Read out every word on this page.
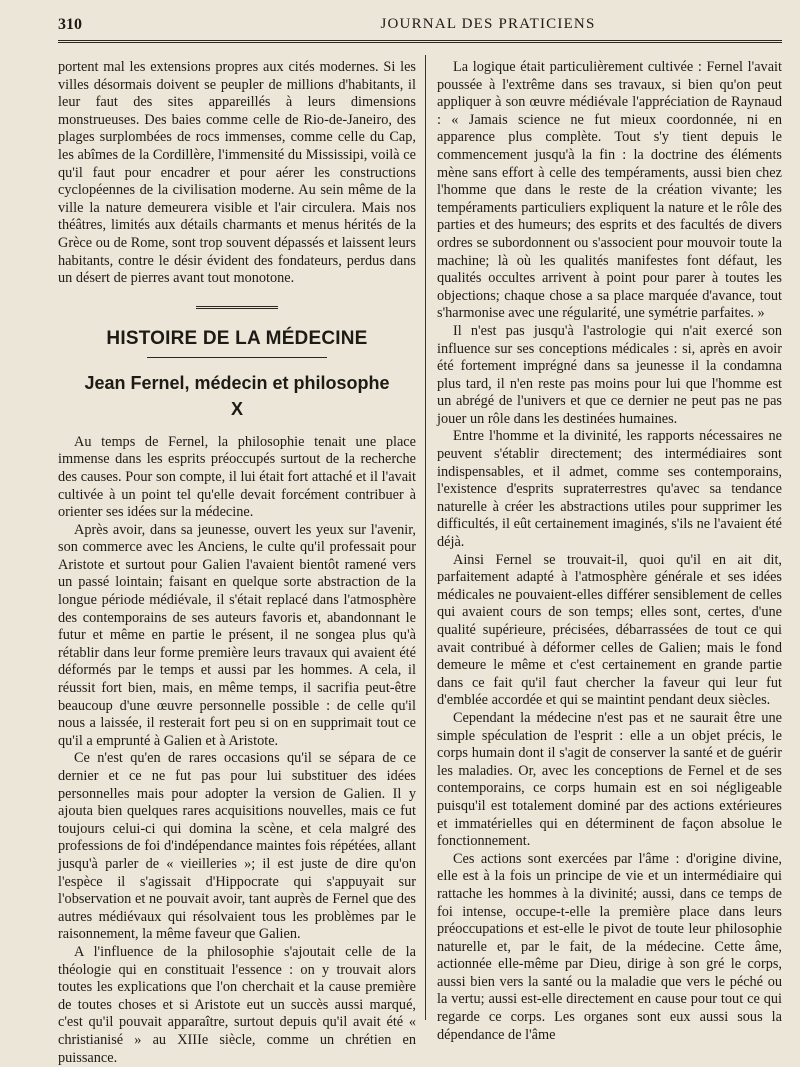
310	JOURNAL DES PRATICIENS

portent mal les extensions propres aux cités modernes. Si les villes désormais doivent se peupler de millions d'habitants, il leur faut des sites appareillés à leurs dimensions monstrueuses. Des baies comme celle de Rio-de-Janeiro, des plages surplombées de rocs immenses, comme celle du Cap, les abîmes de la Cordillère, l'immensité du Mississipi, voilà ce qu'il faut pour encadrer et pour aérer les constructions cyclopéennes de la civilisation moderne. Au sein même de la ville la nature demeurera visible et l'air circulera. Mais nos théâtres, limités aux détails charmants et menus hérités de la Grèce ou de Rome, sont trop souvent dépassés et laissent leurs habitants, contre le désir évident des fondateurs, perdus dans un désert de pierres avant tout monotone.

HISTOIRE DE LA MÉDECINE
Jean Fernel, médecin et philosophe
X

Au temps de Fernel, la philosophie tenait une place immense dans les esprits préoccupés surtout de la recherche des causes. Pour son compte, il lui était fort attaché et il l'avait cultivée à un point tel qu'elle devait forcément contribuer à orienter ses idées sur la médecine.

Après avoir, dans sa jeunesse, ouvert les yeux sur l'avenir, son commerce avec les Anciens, le culte qu'il professait pour Aristote et surtout pour Galien l'avaient bientôt ramené vers un passé lointain; faisant en quelque sorte abstraction de la longue période médiévale, il s'était replacé dans l'atmosphère des contemporains de ses auteurs favoris et, abandonnant le futur et même en partie le présent, il ne songea plus qu'à rétablir dans leur forme première leurs travaux qui avaient été déformés par le temps et aussi par les hommes. A cela, il réussit fort bien, mais, en même temps, il sacrifia peut-être beaucoup d'une œuvre personnelle possible : de celle qu'il nous a laissée, il resterait fort peu si on en supprimait tout ce qu'il a emprunté à Galien et à Aristote.

Ce n'est qu'en de rares occasions qu'il se sépara de ce dernier et ce ne fut pas pour lui substituer des idées personnelles mais pour adopter la version de Galien. Il y ajouta bien quelques rares acquisitions nouvelles, mais ce fut toujours celui-ci qui domina la scène, et cela malgré des professions de foi d'indépendance maintes fois répétées, allant jusqu'à parler de « vieilleries »; il est juste de dire qu'on l'espèce il s'agissait d'Hippocrate qui s'appuyait sur l'observation et ne pouvait avoir, tant auprès de Fernel que des autres médiévaux qui résolvaient tous les problèmes par le raisonnement, la même faveur que Galien.

A l'influence de la philosophie s'ajoutait celle de la théologie qui en constituait l'essence : on y trouvait alors toutes les explications que l'on cherchait et la cause première de toutes choses et si Aristote eut un succès aussi marqué, c'est qu'il pouvait apparaître, surtout depuis qu'il avait été « christianisé » au XIIIe siècle, comme un chrétien en puissance.

La logique était particulièrement cultivée : Fernel l'avait poussée à l'extrême dans ses travaux, si bien qu'on peut appliquer à son œuvre médiévale l'appréciation de Raynaud : « Jamais science ne fut mieux coordonnée, ni en apparence plus complète. Tout s'y tient depuis le commencement jusqu'à la fin : la doctrine des éléments mène sans effort à celle des tempéraments, aussi bien chez l'homme que dans le reste de la création vivante; les tempéraments particuliers expliquent la nature et le rôle des parties et des humeurs; des esprits et des facultés de divers ordres se subordonnent ou s'associent pour mouvoir toute la machine; là où les qualités manifestes font défaut, les qualités occultes arrivent à point pour parer à toutes les objections; chaque chose a sa place marquée d'avance, tout s'harmonise avec une régularité, une symétrie parfaites. »

Il n'est pas jusqu'à l'astrologie qui n'ait exercé son influence sur ses conceptions médicales : si, après en avoir été fortement imprégné dans sa jeunesse il la condamna plus tard, il n'en reste pas moins pour lui que l'homme est un abrégé de l'univers et que ce dernier ne peut pas ne pas jouer un rôle dans les destinées humaines.

Entre l'homme et la divinité, les rapports nécessaires ne peuvent s'établir directement; des intermédiaires sont indispensables, et il admet, comme ses contemporains, l'existence d'esprits supraterrestres qu'avec sa tendance naturelle à créer les abstractions utiles pour supprimer les difficultés, il eût certainement imaginés, s'ils ne l'avaient été déjà.

Ainsi Fernel se trouvait-il, quoi qu'il en ait dit, parfaitement adapté à l'atmosphère générale et ses idées médicales ne pouvaient-elles différer sensiblement de celles qui avaient cours de son temps; elles sont, certes, d'une qualité supérieure, précisées, débarrassées de tout ce qui avait contribué à déformer celles de Galien; mais le fond demeure le même et c'est certainement en grande partie dans ce fait qu'il faut chercher la faveur qui leur fut d'emblée accordée et qui se maintint pendant deux siècles.

Cependant la médecine n'est pas et ne saurait être une simple spéculation de l'esprit : elle a un objet précis, le corps humain dont il s'agit de conserver la santé et de guérir les maladies. Or, avec les conceptions de Fernel et de ses contemporains, ce corps humain est en soi négligeable puisqu'il est totalement dominé par des actions extérieures et immatérielles qui en déterminent de façon absolue le fonctionnement.

Ces actions sont exercées par l'âme : d'origine divine, elle est à la fois un principe de vie et un intermédiaire qui rattache les hommes à la divinité; aussi, dans ce temps de foi intense, occupe-t-elle la première place dans leurs préoccupations et est-elle le pivot de toute leur philosophie naturelle et, par le fait, de la médecine. Cette âme, actionnée elle-même par Dieu, dirige à son gré le corps, aussi bien vers la santé ou la maladie que vers le péché ou la vertu; aussi est-elle directement en cause pour tout ce qui regarde ce corps. Les organes sont eux aussi sous la dépendance de l'âme
